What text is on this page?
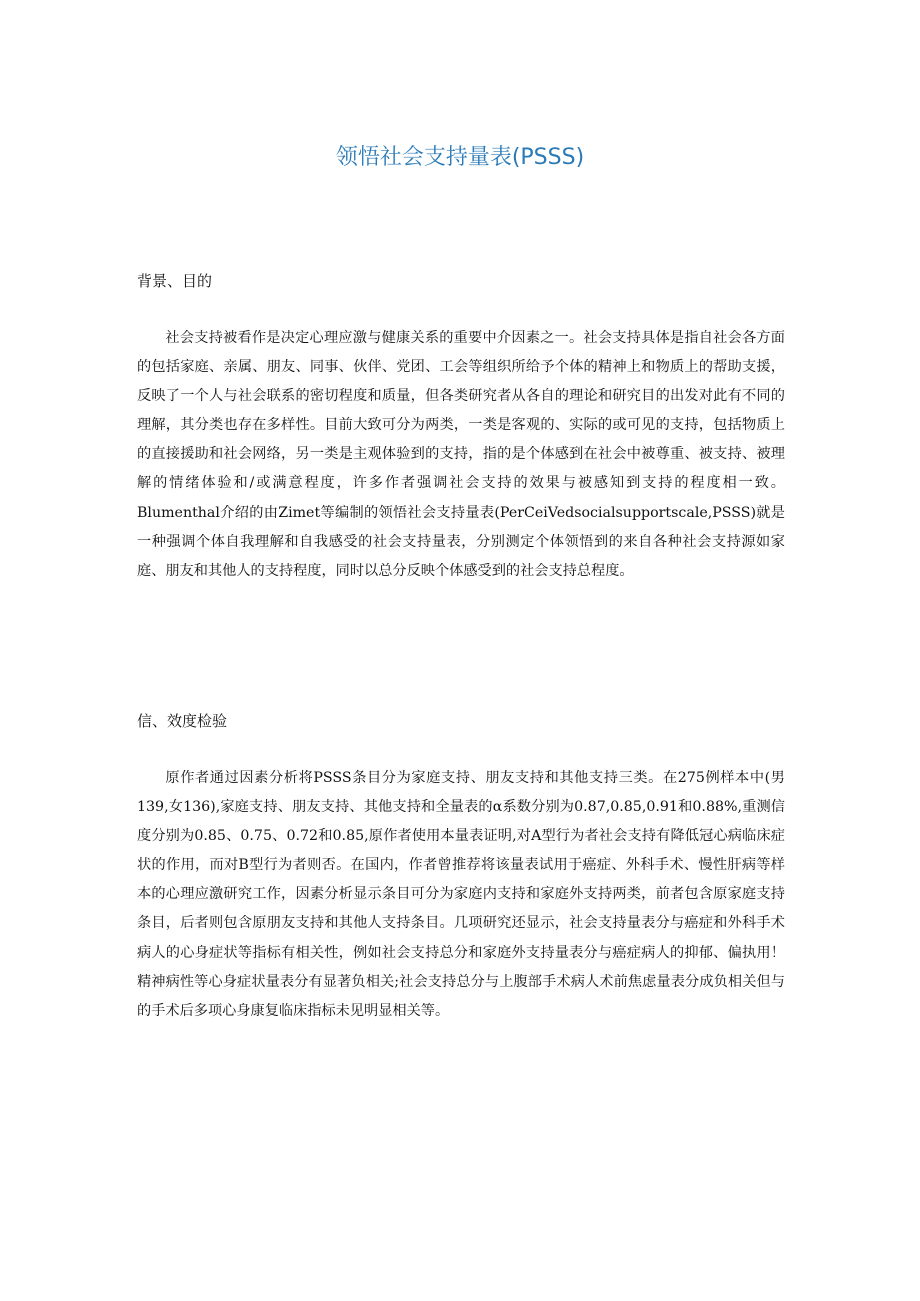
领悟社会支持量表(PSSS)
背景、目的

社会支持被看作是决定心理应激与健康关系的重要中介因素之一。社会支持具体是指自社会各方面的包括家庭、亲属、朋友、同事、伙伴、党团、工会等组织所给予个体的精神上和物质上的帮助支援，反映了一个人与社会联系的密切程度和质量，但各类研究者从各自的理论和研究目的出发对此有不同的理解，其分类也存在多样性。目前大致可分为两类，一类是客观的、实际的或可见的支持，包括物质上的直接援助和社会网络，另一类是主观体验到的支持，指的是个体感到在社会中被尊重、被支持、被理解的情绪体验和/或满意程度，许多作者强调社会支持的效果与被感知到支持的程度相一致。Blumenthal介绍的由Zimet等编制的领悟社会支持量表(PerCeiVedsocialsupportscale,PSSS)就是一种强调个体自我理解和自我感受的社会支持量表，分别测定个体领悟到的来自各种社会支持源如家庭、朋友和其他人的支持程度，同时以总分反映个体感受到的社会支持总程度。

信、效度检验

原作者通过因素分析将PSSS条目分为家庭支持、朋友支持和其他支持三类。在275例样本中(男139,女136),家庭支持、朋友支持、其他支持和全量表的α系数分别为0.87,0.85,0.91和0.88%,重测信度分别为0.85、0.75、0.72和0.85,原作者使用本量表证明,对A型行为者社会支持有降低冠心病临床症状的作用，而对B型行为者则否。在国内，作者曾推荐将该量表试用于癌症、外科手术、慢性肝病等样本的心理应激研究工作，因素分析显示条目可分为家庭内支持和家庭外支持两类，前者包含原家庭支持条目，后者则包含原朋友支持和其他人支持条目。几项研究还显示，社会支持量表分与癌症和外科手术病人的心身症状等指标有相关性，例如社会支持总分和家庭外支持量表分与癌症病人的抑郁、偏执用！精神病性等心身症状量表分有显著负相关;社会支持总分与上腹部手术病人术前焦虑量表分成负相关但与的手术后多项心身康复临床指标未见明显相关等。
